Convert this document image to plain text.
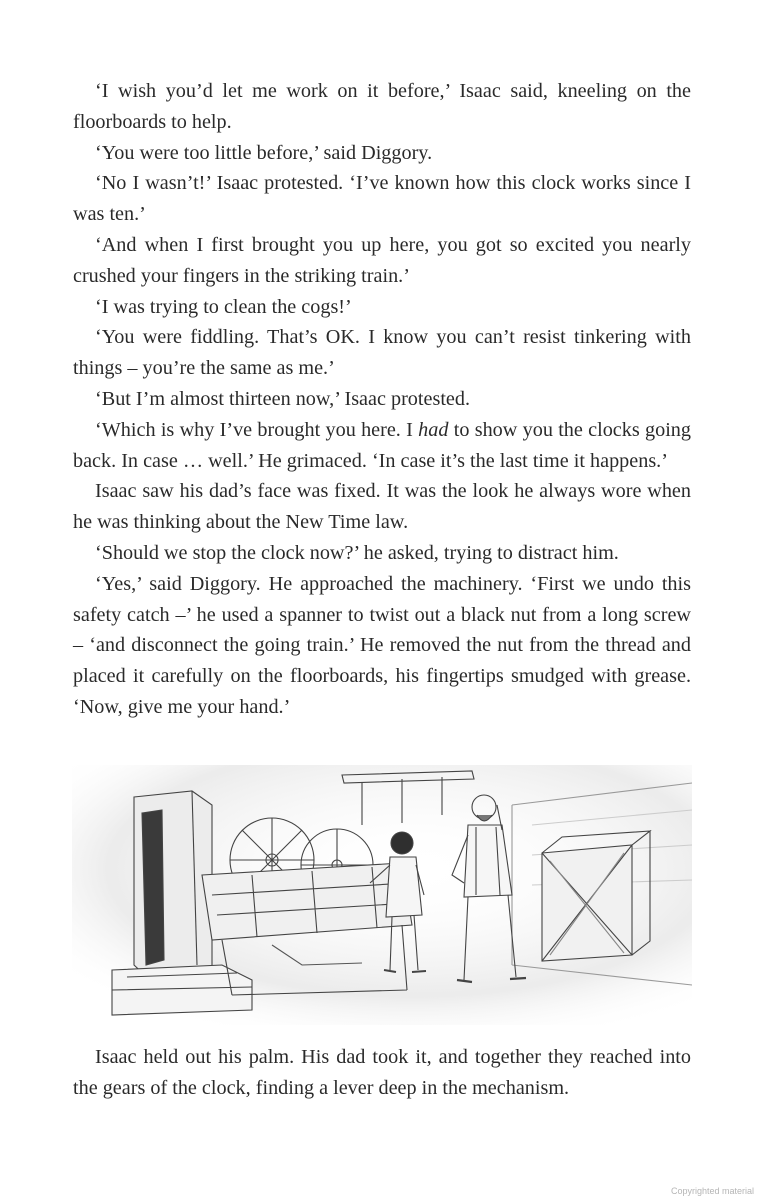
‘I wish you’d let me work on it before,’ Isaac said, kneeling on the floorboards to help.

‘You were too little before,’ said Diggory.

‘No I wasn’t!’ Isaac protested. ‘I’ve known how this clock works since I was ten.’

‘And when I first brought you up here, you got so excited you nearly crushed your fingers in the striking train.’

‘I was trying to clean the cogs!’

‘You were fiddling. That’s OK. I know you can’t resist tinkering with things – you’re the same as me.’

‘But I’m almost thirteen now,’ Isaac protested.

‘Which is why I’ve brought you here. I had to show you the clocks going back. In case … well.’ He grimaced. ‘In case it’s the last time it happens.’

Isaac saw his dad’s face was fixed. It was the look he always wore when he was thinking about the New Time law.

‘Should we stop the clock now?’ he asked, trying to distract him.

‘Yes,’ said Diggory. He approached the machinery. ‘First we undo this safety catch –’ he used a spanner to twist out a black nut from a long screw – ‘and disconnect the going train.’ He removed the nut from the thread and placed it carefully on the floorboards, his fingertips smudged with grease. ‘Now, give me your hand.’

Isaac held out his palm. His dad took it, and together they reached into the gears of the clock, finding a lever deep in the mechanism.

Copyrighted material
